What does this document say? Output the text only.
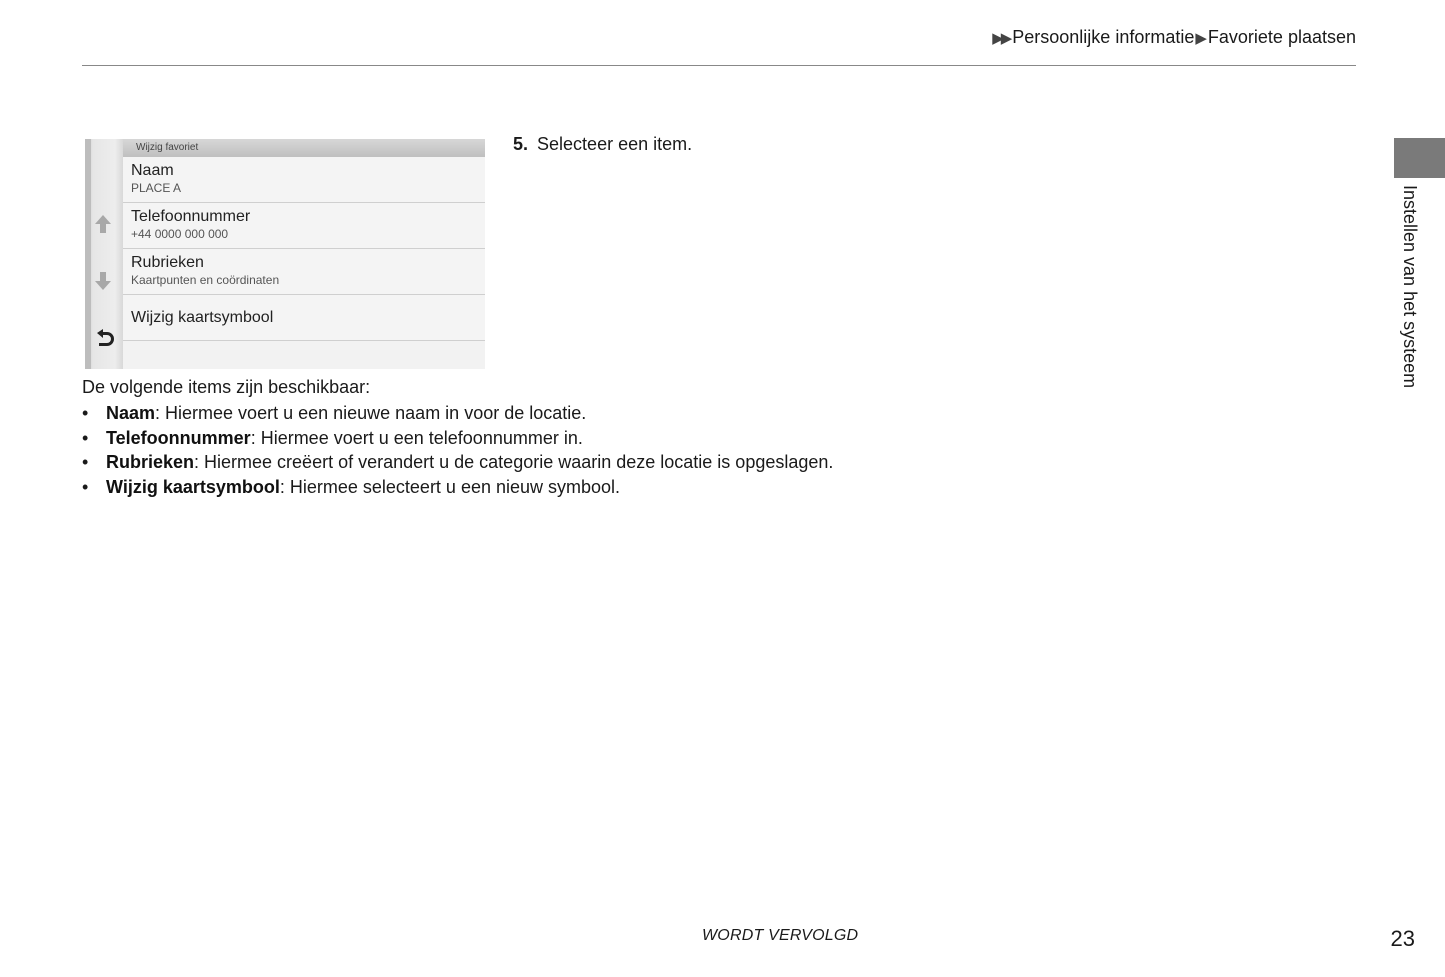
▶▶ Persoonlijke informatie ▶ Favoriete plaatsen
Instellen van het systeem
Wijzig favoriet
Naam
PLACE A
Telefoonnummer
+44 0000 000 000
Rubrieken
Kaartpunten en coördinaten
Wijzig kaartsymbool
5. Selecteer een item.
De volgende items zijn beschikbaar:
• Naam: Hiermee voert u een nieuwe naam in voor de locatie.
• Telefoonnummer: Hiermee voert u een telefoonnummer in.
• Rubrieken: Hiermee creëert of verandert u de categorie waarin deze locatie is opgeslagen.
• Wijzig kaartsymbool: Hiermee selecteert u een nieuw symbool.
WORDT VERVOLGD	23
